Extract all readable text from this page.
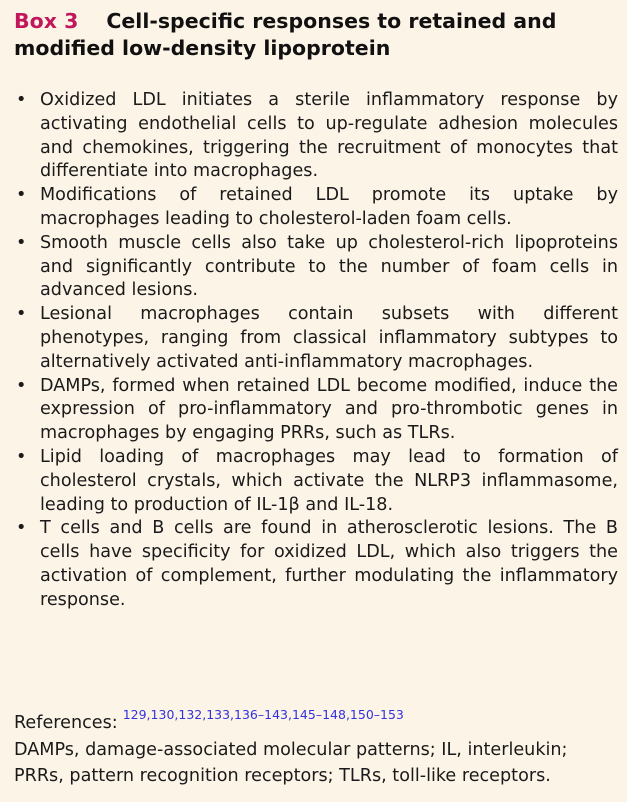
Box 3 Cell-specific responses to retained and modified low-density lipoprotein
• Oxidized LDL initiates a sterile inflammatory response by activating endothelial cells to up-regulate adhesion molecules and chemokines, triggering the recruitment of monocytes that differentiate into macrophages.
• Modifications of retained LDL promote its uptake by macrophages leading to cholesterol-laden foam cells.
• Smooth muscle cells also take up cholesterol-rich lipoproteins and significantly contribute to the number of foam cells in advanced lesions.
• Lesional macrophages contain subsets with different phenotypes, ranging from classical inflammatory subtypes to alternatively activated anti-inflammatory macrophages.
• DAMPs, formed when retained LDL become modified, induce the expression of pro-inflammatory and pro-thrombotic genes in macrophages by engaging PRRs, such as TLRs.
• Lipid loading of macrophages may lead to formation of cholesterol crystals, which activate the NLRP3 inflammasome, leading to production of IL-1β and IL-18.
• T cells and B cells are found in atherosclerotic lesions. The B cells have specificity for oxidized LDL, which also triggers the activation of complement, further modulating the inflammatory response.
References: $^{129,130,132,133,136-143,145-148,150-153}$
DAMPs, damage-associated molecular patterns; IL, interleukin; PRRs, pattern recognition receptors; TLRs, toll-like receptors.
